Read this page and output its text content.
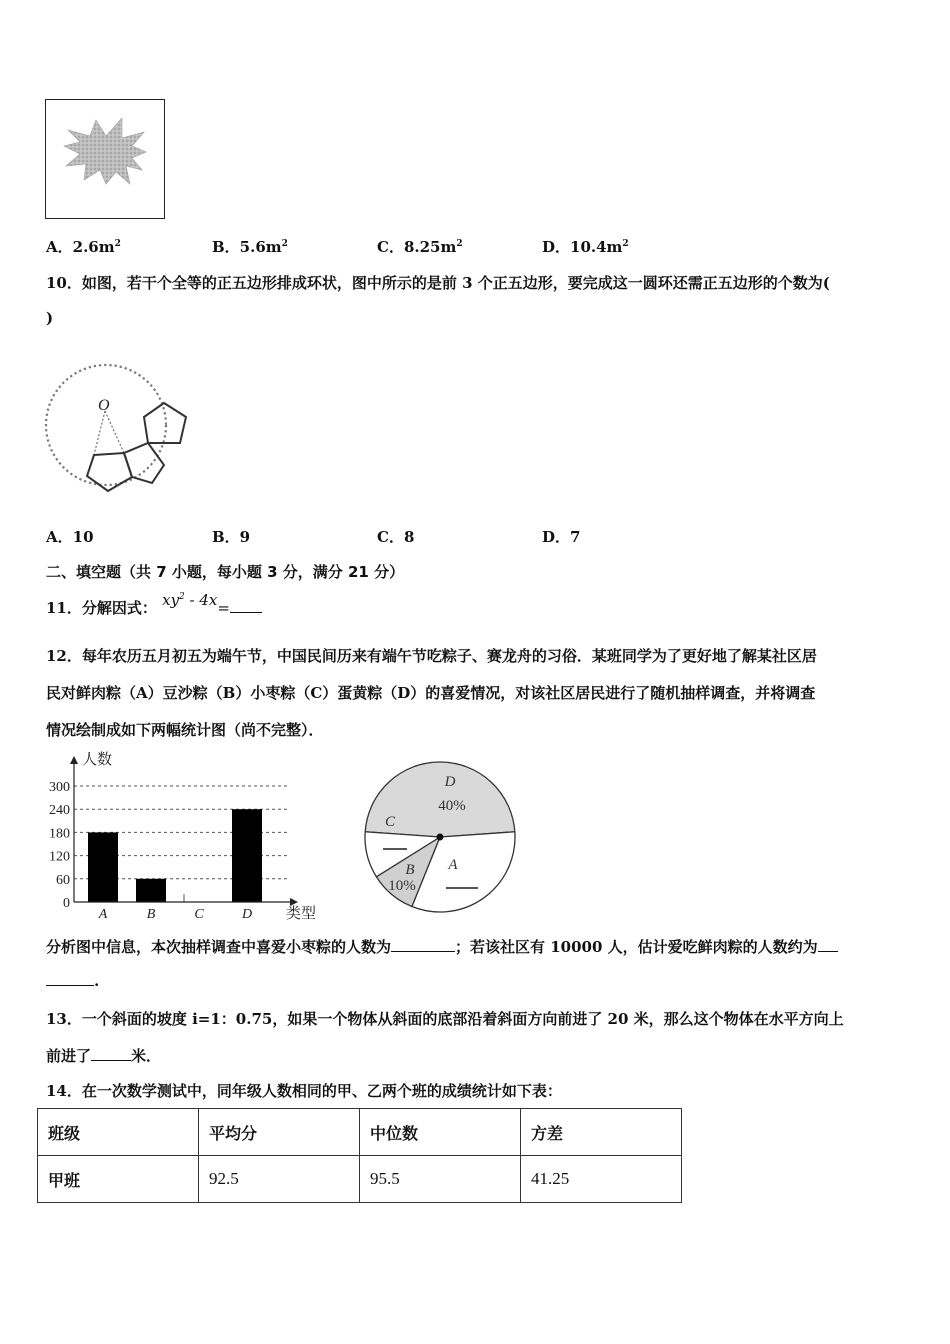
A．$2.6m^2$	B．$5.6m^2$	C．$8.25m^2$	D．$10.4m^2$
10．如图，若干个全等的正五边形排成环状，图中所示的是前 3 个正五边形，要完成这一圆环还需正五边形的个数为(
)
O
A．10	B．9	C．8	D．7
二、填空题（共 7 小题，每小题 3 分，满分 21 分）
11．分解因式： $xy^2 - 4x=$
12．每年农历五月初五为端午节，中国民间历来有端午节吃粽子、赛龙舟的习俗．某班同学为了更好地了解某社区居
民对鲜肉粽（A）豆沙粽（B）小枣粽（C）蛋黄粽（D）的喜爱情况，对该社区居民进行了随机抽样调查，并将调查
情况绘制成如下两幅统计图（尚不完整）．
0
60
120
180
240
300
A	B	C	D
人数
类型
D
40%
A
B
10%
C
分析图中信息，本次抽样调查中喜爱小枣粽的人数为	；若该社区有 10000 人，估计爱吃鲜肉粽的人数约为
.
13．一个斜面的坡度 i=1：0.75，如果一个物体从斜面的底部沿着斜面方向前进了 20 米，那么这个物体在水平方向上
前进了	米．
14．在一次数学测试中，同年级人数相同的甲、乙两个班的成绩统计如下表：
班级	平均分	中位数	方差
甲班	92.5	95.5	41.25
